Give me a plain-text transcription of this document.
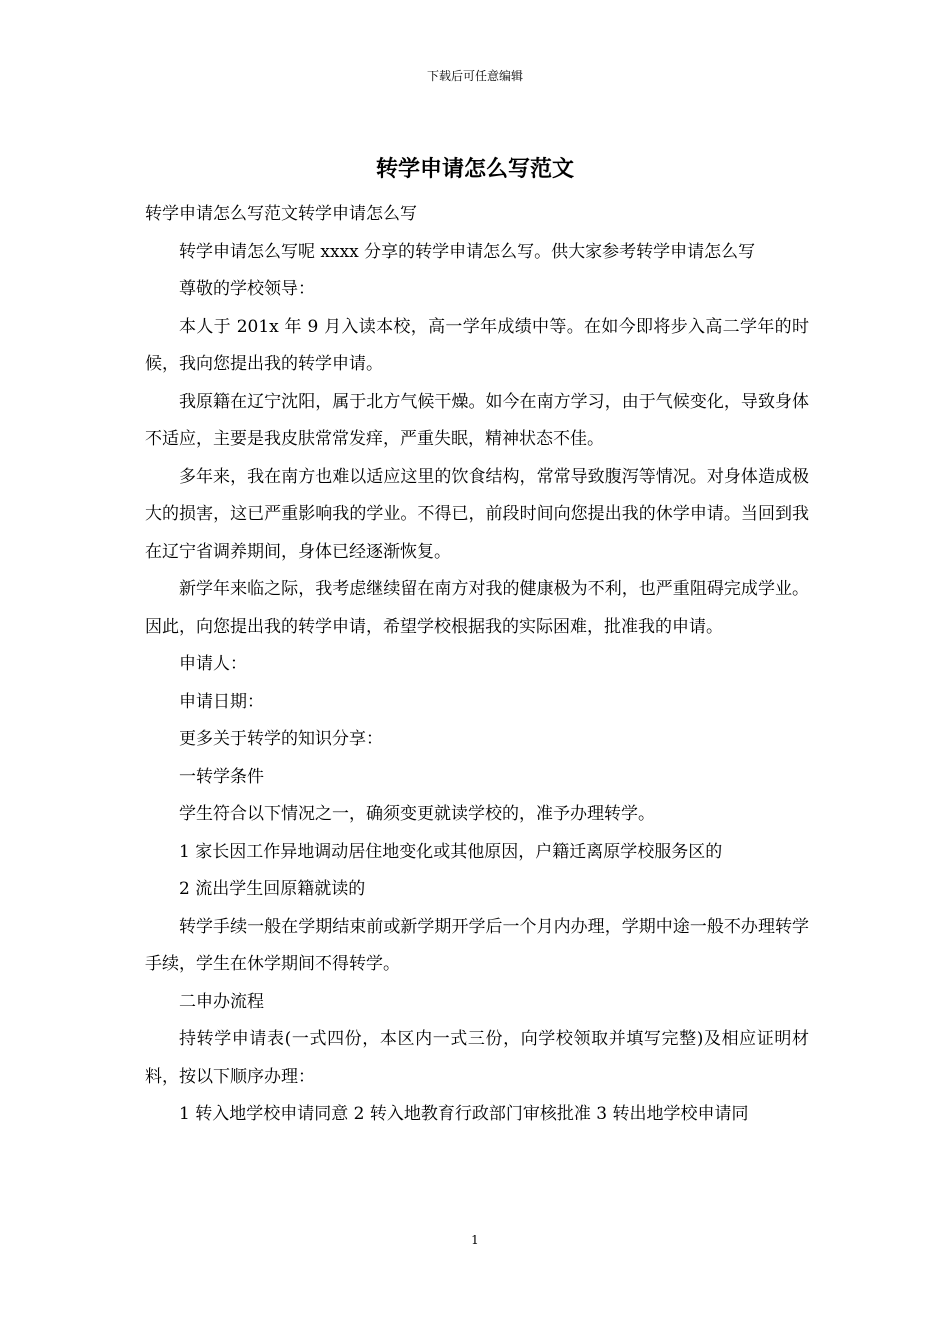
下载后可任意编辑
转学申请怎么写范文

转学申请怎么写范文转学申请怎么写

转学申请怎么写呢 xxxx 分享的转学申请怎么写。供大家参考转学申请怎么写

尊敬的学校领导：

本人于 201x 年 9 月入读本校，高一学年成绩中等。在如今即将步入高二学年的时候，我向您提出我的转学申请。

我原籍在辽宁沈阳，属于北方气候干燥。如今在南方学习，由于气候变化，导致身体不适应，主要是我皮肤常常发痒，严重失眠，精神状态不佳。

多年来，我在南方也难以适应这里的饮食结构，常常导致腹泻等情况。对身体造成极大的损害，这已严重影响我的学业。不得已，前段时间向您提出我的休学申请。当回到我在辽宁省调养期间，身体已经逐渐恢复。

新学年来临之际，我考虑继续留在南方对我的健康极为不利，也严重阻碍完成学业。因此，向您提出我的转学申请，希望学校根据我的实际困难，批准我的申请。

申请人：

申请日期：

更多关于转学的知识分享：

一转学条件

学生符合以下情况之一，确须变更就读学校的，准予办理转学。

1 家长因工作异地调动居住地变化或其他原因，户籍迁离原学校服务区的

2 流出学生回原籍就读的

转学手续一般在学期结束前或新学期开学后一个月内办理，学期中途一般不办理转学手续，学生在休学期间不得转学。

二申办流程

持转学申请表(一式四份，本区内一式三份，向学校领取并填写完整)及相应证明材料，按以下顺序办理：

1 转入地学校申请同意 2 转入地教育行政部门审核批准 3 转出地学校申请同

1
